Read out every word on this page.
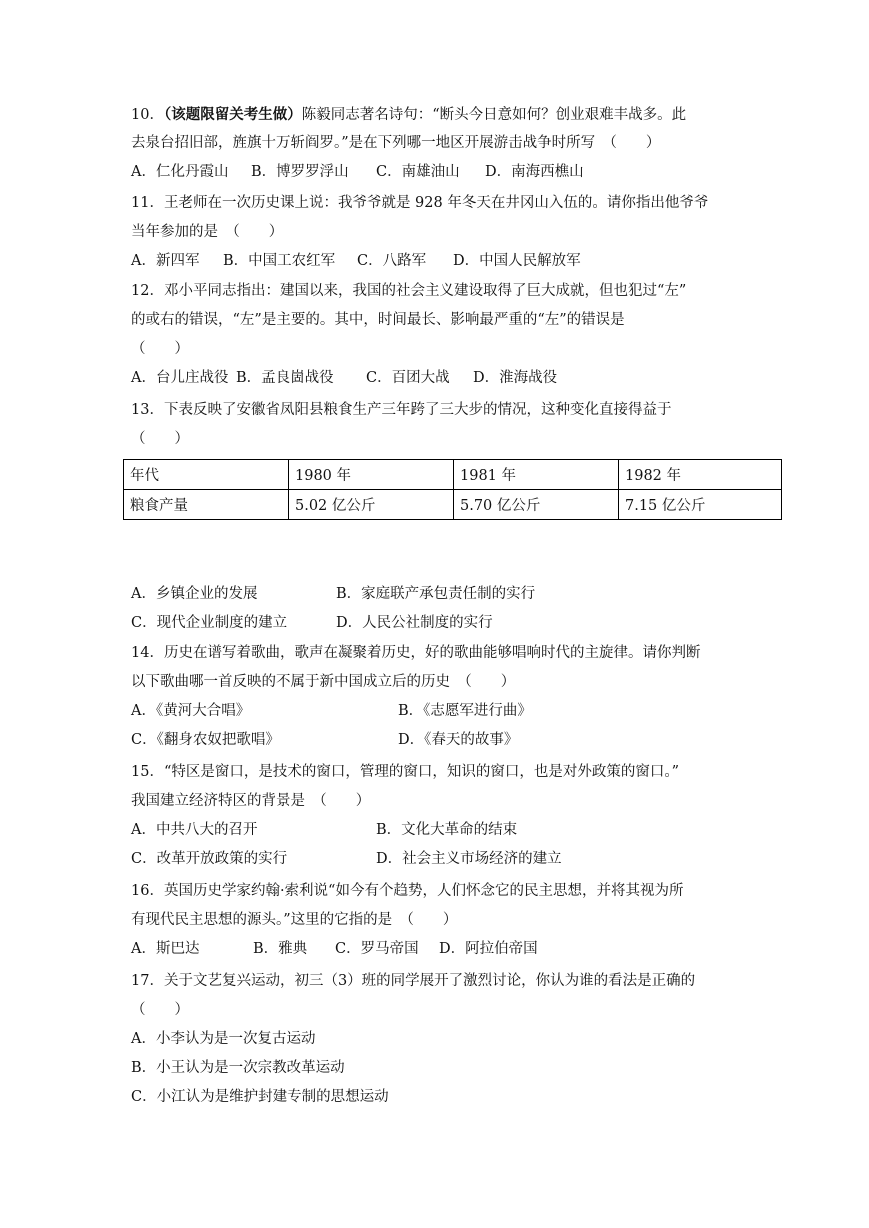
10．（该题限留关考生做）陈毅同志著名诗句：“断头今日意如何？创业艰难丰战多。此
去泉台招旧部，旌旗十万斩阎罗。”是在下列哪一地区开展游击战争时所写　（　　）
A．仁化丹霞山	B．博罗罗浮山	C．南雄油山	D．南海西樵山
11．王老师在一次历史课上说：我爷爷就是 928 年冬天在井冈山入伍的。请你指出他爷爷
当年参加的是　（　　）
A．新四军	B．中国工农红军	C．八路军	D．中国人民解放军
12．邓小平同志指出：建国以来，我国的社会主义建设取得了巨大成就，但也犯过“左”
的或右的错误，“左”是主要的。其中，时间最长、影响最严重的“左”的错误是
（　　）
A．台儿庄战役 B．孟良崮战役	C．百团大战	D．淮海战役
13．下表反映了安徽省凤阳县粮食生产三年跨了三大步的情况，这种变化直接得益于
（　　）
年代	1980 年	1981 年	1982 年
粮食产量	5.02 亿公斤	5.70 亿公斤	7.15 亿公斤
A．乡镇企业的发展	B．家庭联产承包责任制的实行
C．现代企业制度的建立	D．人民公社制度的实行
14．历史在谱写着歌曲，歌声在凝聚着历史，好的歌曲能够唱响时代的主旋律。请你判断
以下歌曲哪一首反映的不属于新中国成立后的历史　（　　）
A．《黄河大合唱》	B．《志愿军进行曲》
C．《翻身农奴把歌唱》	D．《春天的故事》
15．“特区是窗口，是技术的窗口，管理的窗口，知识的窗口，也是对外政策的窗口。”
我国建立经济特区的背景是　（　　）
A．中共八大的召开	B．文化大革命的结束
C．改革开放政策的实行	D．社会主义市场经济的建立
16．英国历史学家约翰·索利说“如今有个趋势，人们怀念它的民主思想，并将其视为所
有现代民主思想的源头。”这里的它指的是　（　　）
A．斯巴达	B．雅典	C．罗马帝国	D．阿拉伯帝国
17．关于文艺复兴运动，初三（3）班的同学展开了激烈讨论，你认为谁的看法是正确的
（　　）
A．小李认为是一次复古运动
B．小王认为是一次宗教改革运动
C．小江认为是维护封建专制的思想运动
